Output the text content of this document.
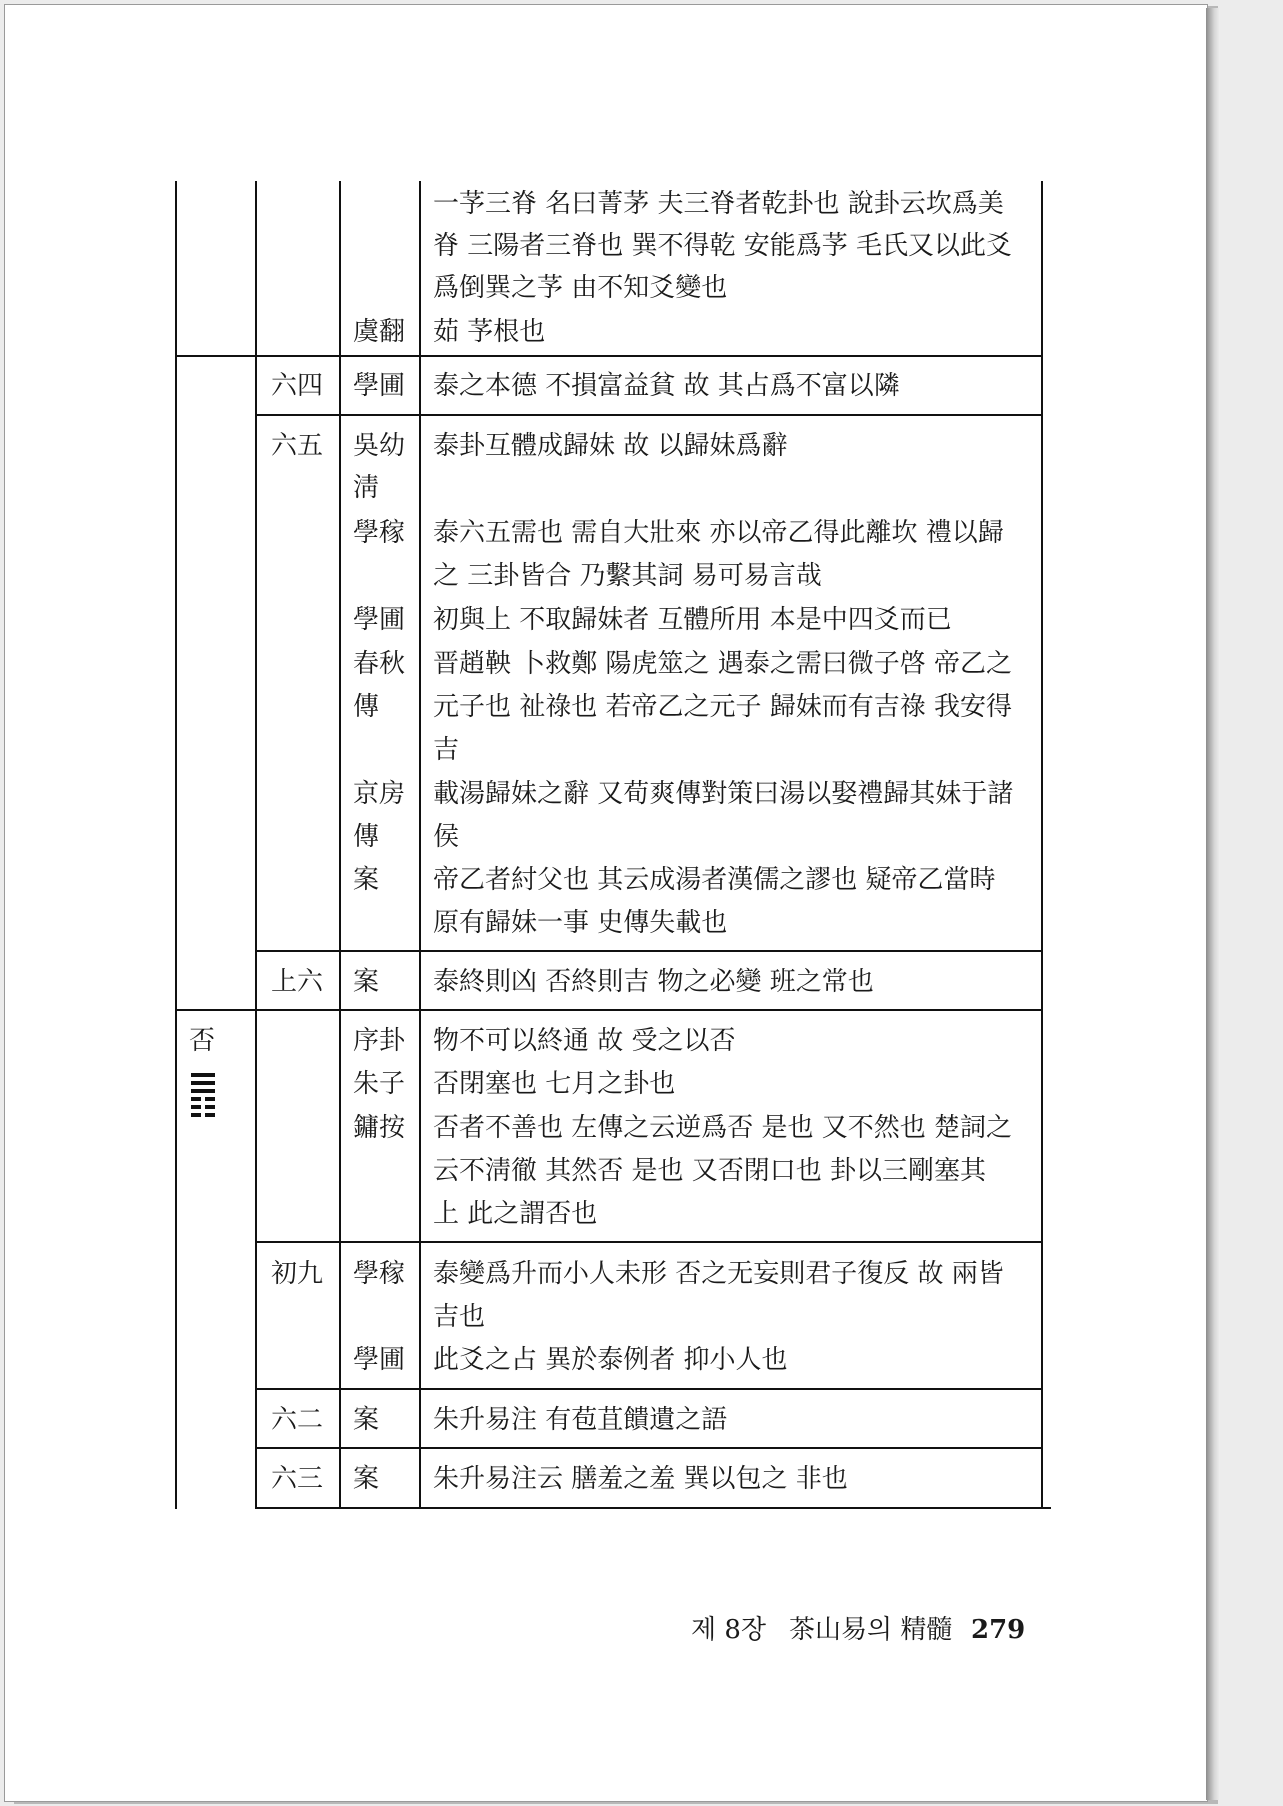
一芧三脊 名曰菁茅 夫三脊者乾卦也 說卦云坎爲美
脊 三陽者三脊也 巽不得乾 安能爲芧 毛氏又以此爻
爲倒巽之芧 由不知爻變也
虞翻 茹 芧根也
六四 學圃 泰之本德 不損富益貧 故 其占爲不富以隣
六五 吳幼
淸
泰卦互體成歸妹 故 以歸妹爲辭
學稼 泰六五需也 需自大壯來 亦以帝乙得此離坎 禮以歸
之 三卦皆合 乃繫其詞 易可易言哉
學圃 初與上 不取歸妹者 互體所用 本是中四爻而已
春秋
傳
晋趙鞅 卜救鄭 陽虎筮之 遇泰之需曰微子啓 帝乙之
元子也 祉祿也 若帝乙之元子 歸妹而有吉祿 我安得
吉
京房
傳
案
載湯歸妹之辭 又荀爽傳對策曰湯以娶禮歸其妹于諸
侯
帝乙者紂父也 其云成湯者漢儒之謬也 疑帝乙當時
原有歸妹一事 史傳失載也
上六 案 泰終則凶 否終則吉 物之必變 班之常也
否	序卦 物不可以終通 故 受之以否
朱子 否閉塞也 七月之卦也
鏞按 否者不善也 左傳之云逆爲否 是也 又不然也 楚詞之
云不淸徹 其然否 是也 又否閉口也 卦以三剛塞其
上 此之謂否也
初九 學稼 泰變爲升而小人未形 否之无妄則君子復反 故 兩皆
吉也
學圃 此爻之占 異於泰例者 抑小人也
六二 案 朱升易注 有苞苴饋遺之語
六三 案 朱升易注云 膳羞之羞 巽以包之 非也
제 8장 茶山易의 精髓 279
